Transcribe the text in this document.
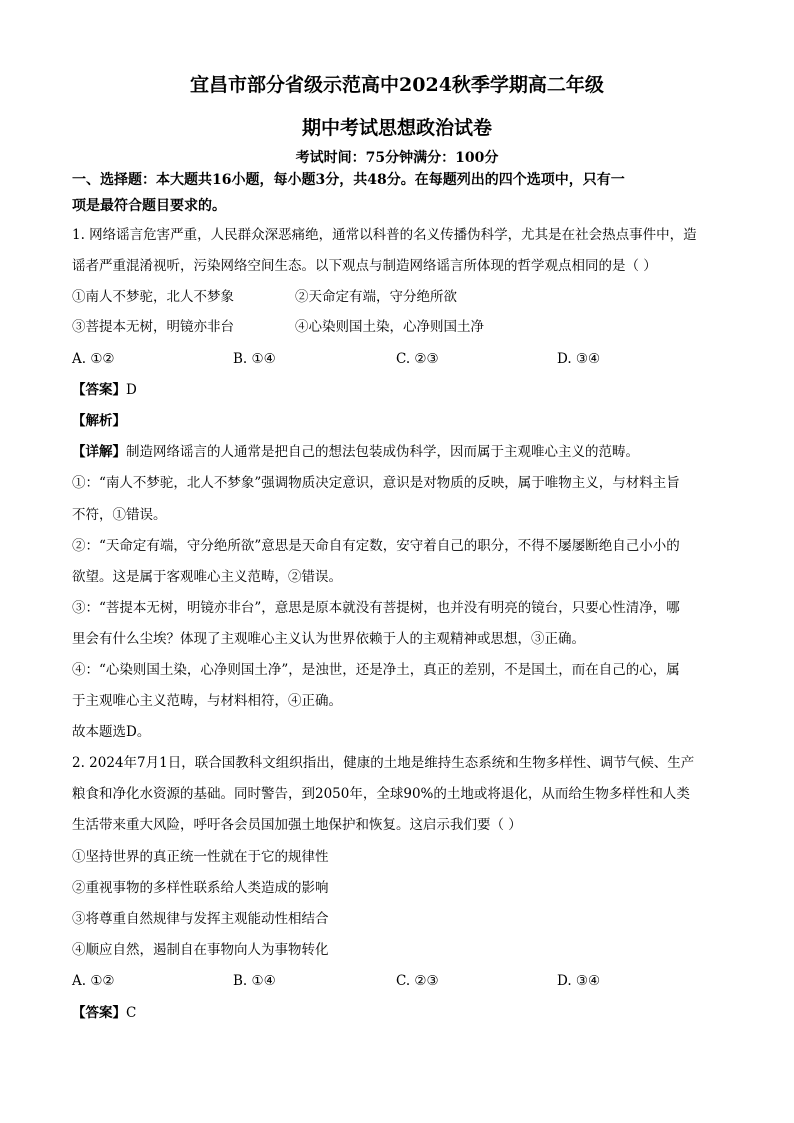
宜昌市部分省级示范高中2024秋季学期高二年级
期中考试思想政治试卷
考试时间：75分钟满分：100分
一、选择题：本大题共16小题，每小题3分，共48分。在每题列出的四个选项中，只有一
项是最符合题目要求的。
1. 网络谣言危害严重，人民群众深恶痛绝，通常以科普的名义传播伪科学，尤其是在社会热点事件中，造
谣者严重混淆视听，污染网络空间生态。以下观点与制造网络谣言所体现的哲学观点相同的是（ ）
①南人不梦驼，北人不梦象	②天命定有端，守分绝所欲
③菩提本无树，明镜亦非台	④心染则国土染，心净则国土净
A. ①②	B. ①④	C. ②③	D. ③④
【答案】D
【解析】
【详解】制造网络谣言的人通常是把自己的想法包装成伪科学，因而属于主观唯心主义的范畴。
①：“南人不梦驼，北人不梦象”强调物质决定意识，意识是对物质的反映，属于唯物主义，与材料主旨
不符，①错误。
②：“天命定有端，守分绝所欲”意思是天命自有定数，安守着自己的职分，不得不屡屡断绝自己小小的
欲望。这是属于客观唯心主义范畴，②错误。
③：“菩提本无树，明镜亦非台”，意思是原本就没有菩提树，也并没有明亮的镜台，只要心性清净，哪
里会有什么尘埃？体现了主观唯心主义认为世界依赖于人的主观精神或思想，③正确。
④：“心染则国土染，心净则国土净”，是浊世，还是净土，真正的差别，不是国土，而在自己的心，属
于主观唯心主义范畴，与材料相符，④正确。
故本题选D。
2. 2024年7月1日，联合国教科文组织指出，健康的土地是维持生态系统和生物多样性、调节气候、生产
粮食和净化水资源的基础。同时警告，到2050年，全球90%的土地或将退化，从而给生物多样性和人类
生活带来重大风险，呼吁各会员国加强土地保护和恢复。这启示我们要（ ）
①坚持世界的真正统一性就在于它的规律性
②重视事物的多样性联系给人类造成的影响
③将尊重自然规律与发挥主观能动性相结合
④顺应自然，遏制自在事物向人为事物转化
A. ①②	B. ①④	C. ②③	D. ③④
【答案】C
